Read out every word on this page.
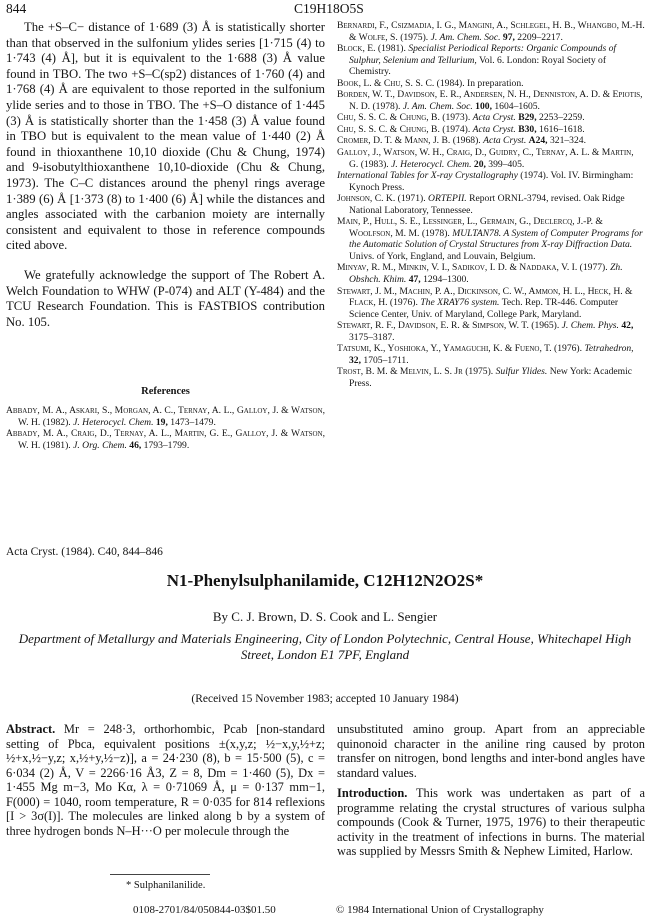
844	C19H18O5S

The +S–C− distance of 1·689 (3) Å is statistically shorter than that observed in the sulfonium ylides series [1·715 (4) to 1·743 (4) Å], but it is equivalent to the 1·688 (3) Å value found in TBO. The two +S–C(sp2) distances of 1·760 (4) and 1·768 (4) Å are equivalent to those reported in the sulfonium ylide series and to those in TBO. The +S–O distance of 1·445 (3) Å is statistically shorter than the 1·458 (3) Å value found in TBO but is equivalent to the mean value of 1·440 (2) Å found in thioxanthene 10,10 dioxide (Chu & Chung, 1974) and 9-isobutylthioxanthene 10,10-dioxide (Chu & Chung, 1973). The C–C distances around the phenyl rings average 1·389 (6) Å [1·373 (8) to 1·400 (6) Å] while the distances and angles associated with the carbanion moiety are internally consistent and equivalent to those in reference compounds cited above.

We gratefully acknowledge the support of The Robert A. Welch Foundation to WHW (P-074) and ALT (Y-484) and the TCU Research Foundation. This is FASTBIOS contribution No. 105.

References

Abbady, M. A., Askari, S., Morgan, A. C., Ternay, A. L., Galloy, J. & Watson, W. H. (1982). J. Heterocycl. Chem. 19, 1473–1479.

Abbady, M. A., Craig, D., Ternay, A. L., Martin, G. E., Galloy, J. & Watson, W. H. (1981). J. Org. Chem. 46, 1793–1799.

Bernardi, F., Csizmadia, I. G., Mangini, A., Schlegel, H. B., Whangbo, M.-H. & Wolfe, S. (1975). J. Am. Chem. Soc. 97, 2209–2217.

Block, E. (1981). Specialist Periodical Reports: Organic Compounds of Sulphur, Selenium and Tellurium, Vol. 6. London: Royal Society of Chemistry.

Book, L. & Chu, S. S. C. (1984). In preparation.

Borden, W. T., Davidson, E. R., Andersen, N. H., Denniston, A. D. & Epiotis, N. D. (1978). J. Am. Chem. Soc. 100, 1604–1605.

Chu, S. S. C. & Chung, B. (1973). Acta Cryst. B29, 2253–2259.

Chu, S. S. C. & Chung, B. (1974). Acta Cryst. B30, 1616–1618.

Cromer, D. T. & Mann, J. B. (1968). Acta Cryst. A24, 321–324.

Galloy, J., Watson, W. H., Craig, D., Guidry, C., Ternay, A. L. & Martin, G. (1983). J. Heterocycl. Chem. 20, 399–405.

International Tables for X-ray Crystallography (1974). Vol. IV. Birmingham: Kynoch Press.

Johnson, C. K. (1971). ORTEPII. Report ORNL-3794, revised. Oak Ridge National Laboratory, Tennessee.

Main, P., Hull, S. E., Lessinger, L., Germain, G., Declercq, J.-P. & Woolfson, M. M. (1978). MULTAN78. A System of Computer Programs for the Automatic Solution of Crystal Structures from X-ray Diffraction Data. Univs. of York, England, and Louvain, Belgium.

Minyav, R. M., Minkin, V. I., Sadikov, I. D. & Naddaka, V. I. (1977). Zh. Obshch. Khim. 47, 1294–1300.

Stewart, J. M., Machin, P. A., Dickinson, C. W., Ammon, H. L., Heck, H. & Flack, H. (1976). The XRAY76 system. Tech. Rep. TR-446. Computer Science Center, Univ. of Maryland, College Park, Maryland.

Stewart, R. F., Davidson, E. R. & Simpson, W. T. (1965). J. Chem. Phys. 42, 3175–3187.

Tatsumi, K., Yoshioka, Y., Yamaguchi, K. & Fueno, T. (1976). Tetrahedron, 32, 1705–1711.

Trost, B. M. & Melvin, L. S. Jr (1975). Sulfur Ylides. New York: Academic Press.

Acta Cryst. (1984). C40, 844–846
N1-Phenylsulphanilamide, C12H12N2O2S*
By C. J. Brown, D. S. Cook and L. Sengier
Department of Metallurgy and Materials Engineering, City of London Polytechnic, Central House, Whitechapel High Street, London E1 7PF, England
(Received 15 November 1983; accepted 10 January 1984)
Abstract. Mr = 248·3, orthorhombic, Pcab [non-standard setting of Pbca, equivalent positions ±(x,y,z; ½−x,y,½+z; ½+x,½−y,z; x,½+y,½−z)], a = 24·230 (8), b = 15·500 (5), c = 6·034 (2) Å, V = 2266·16 Å3, Z = 8, Dm = 1·460 (5), Dx = 1·455 Mg m−3, Mo Kα, λ = 0·71069 Å, μ = 0·137 mm−1, F(000) = 1040, room temperature, R = 0·035 for 814 reflexions [I > 3σ(I)]. The molecules are linked along b by a system of three hydrogen bonds N–H···O per molecule through the
unsubstituted amino group. Apart from an appreciable quinonoid character in the aniline ring caused by proton transfer on nitrogen, bond lengths and inter-bond angles have standard values.
Introduction. This work was undertaken as part of a programme relating the crystal structures of various sulpha compounds (Cook & Turner, 1975, 1976) to their therapeutic activity in the treatment of infections in burns. The material was supplied by Messrs Smith & Nephew Limited, Harlow.
* Sulphanilanilide.
0108-2701/84/050844-03$01.50	© 1984 International Union of Crystallography
